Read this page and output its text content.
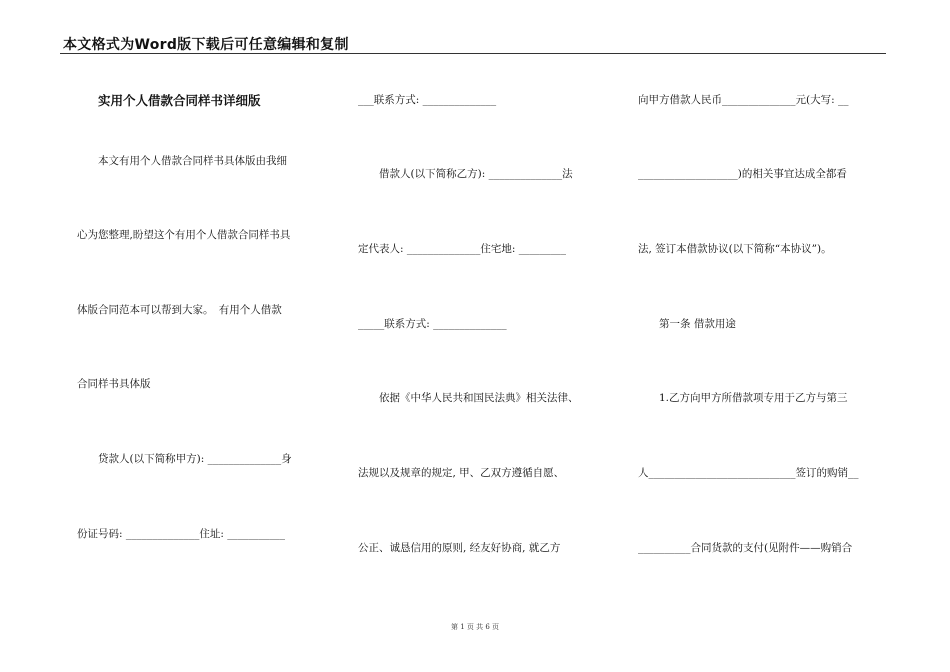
本文格式为Word版下载后可任意编辑和复制
实用个人借款合同样书详细版
　　本文有用个人借款合同样书具体版由我细
心为您整理,盼望这个有用个人借款合同样书具
体版合同范本可以帮到大家。　有用个人借款
合同样书具体版
　　贷款人(以下简称甲方): ______________身
份证号码: ______________住址: ___________
___联系方式: ______________
　　借款人(以下简称乙方): ______________法
定代表人: ______________住宅地: _________
_____联系方式: ______________
　　依据《中华人民共和国民法典》相关法律、
法规以及规章的规定, 甲、乙双方遵循自愿、
公正、诚恳信用的原则, 经友好协商, 就乙方
向甲方借款人民币______________元(大写: __
___________________)的相关事宜达成全都看
法, 签订本借款协议(以下简称“本协议”)。
　　第一条 借款用途
　　1.乙方向甲方所借款项专用于乙方与第三
人____________________________签订的购销__
__________合同货款的支付(见附件——购销合
第 1 页 共 6 页
